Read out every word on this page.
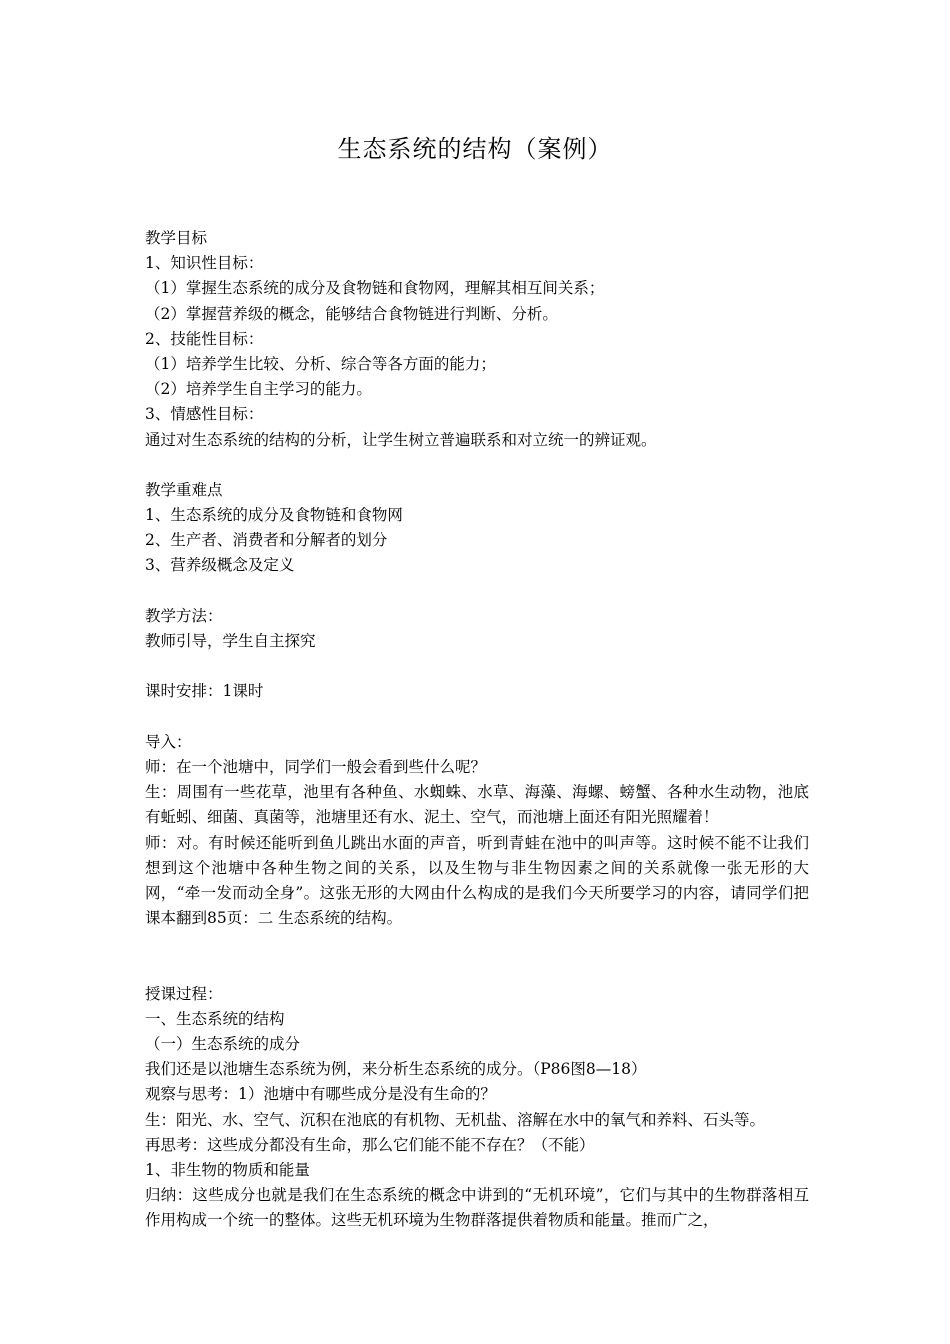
生态系统的结构（案例）
教学目标
1、知识性目标：
（1）掌握生态系统的成分及食物链和食物网，理解其相互间关系；
（2）掌握营养级的概念，能够结合食物链进行判断、分析。
2、技能性目标：
（1）培养学生比较、分析、综合等各方面的能力；
（2）培养学生自主学习的能力。
3、情感性目标：
通过对生态系统的结构的分析，让学生树立普遍联系和对立统一的辨证观。
教学重难点
1、生态系统的成分及食物链和食物网
2、生产者、消费者和分解者的划分
3、营养级概念及定义
教学方法：
教师引导，学生自主探究
课时安排：1课时
导入：
师：在一个池塘中，同学们一般会看到些什么呢？
生：周围有一些花草，池里有各种鱼、水蜘蛛、水草、海藻、海螺、螃蟹、各种水生动物，池底有蚯蚓、细菌、真菌等，池塘里还有水、泥土、空气，而池塘上面还有阳光照耀着！
师：对。有时候还能听到鱼儿跳出水面的声音，听到青蛙在池中的叫声等。这时候不能不让我们想到这个池塘中各种生物之间的关系，以及生物与非生物因素之间的关系就像一张无形的大网，“牵一发而动全身”。这张无形的大网由什么构成的是我们今天所要学习的内容，请同学们把课本翻到85页：二 生态系统的结构。
授课过程：
一、生态系统的结构
（一）生态系统的成分
我们还是以池塘生态系统为例，来分析生态系统的成分。（P86图8—18）
观察与思考：1）池塘中有哪些成分是没有生命的？
生：阳光、水、空气、沉积在池底的有机物、无机盐、溶解在水中的氧气和养料、石头等。
再思考：这些成分都没有生命，那么它们能不能不存在？（不能）
1、非生物的物质和能量
归纳：这些成分也就是我们在生态系统的概念中讲到的“无机环境”，它们与其中的生物群落相互作用构成一个统一的整体。这些无机环境为生物群落提供着物质和能量。推而广之，
